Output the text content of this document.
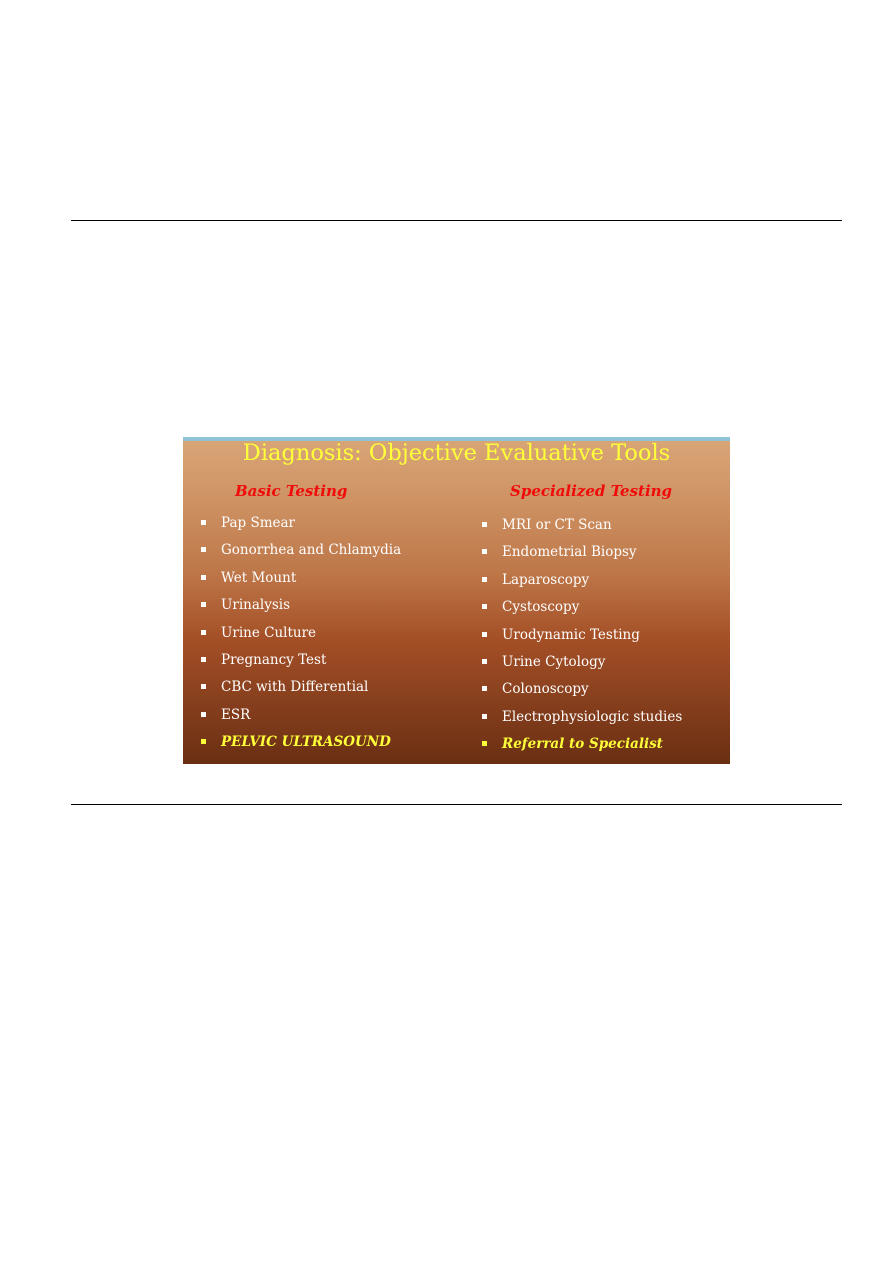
Diagnosis: Objective Evaluative Tools
Basic Testing	Specialized Testing
Pap Smear
Gonorrhea and Chlamydia
Wet Mount
Urinalysis
Urine Culture
Pregnancy Test
CBC with Differential
ESR
PELVIC ULTRASOUND
MRI or CT Scan
Endometrial Biopsy
Laparoscopy
Cystoscopy
Urodynamic Testing
Urine Cytology
Colonoscopy
Electrophysiologic studies
Referral to Specialist
